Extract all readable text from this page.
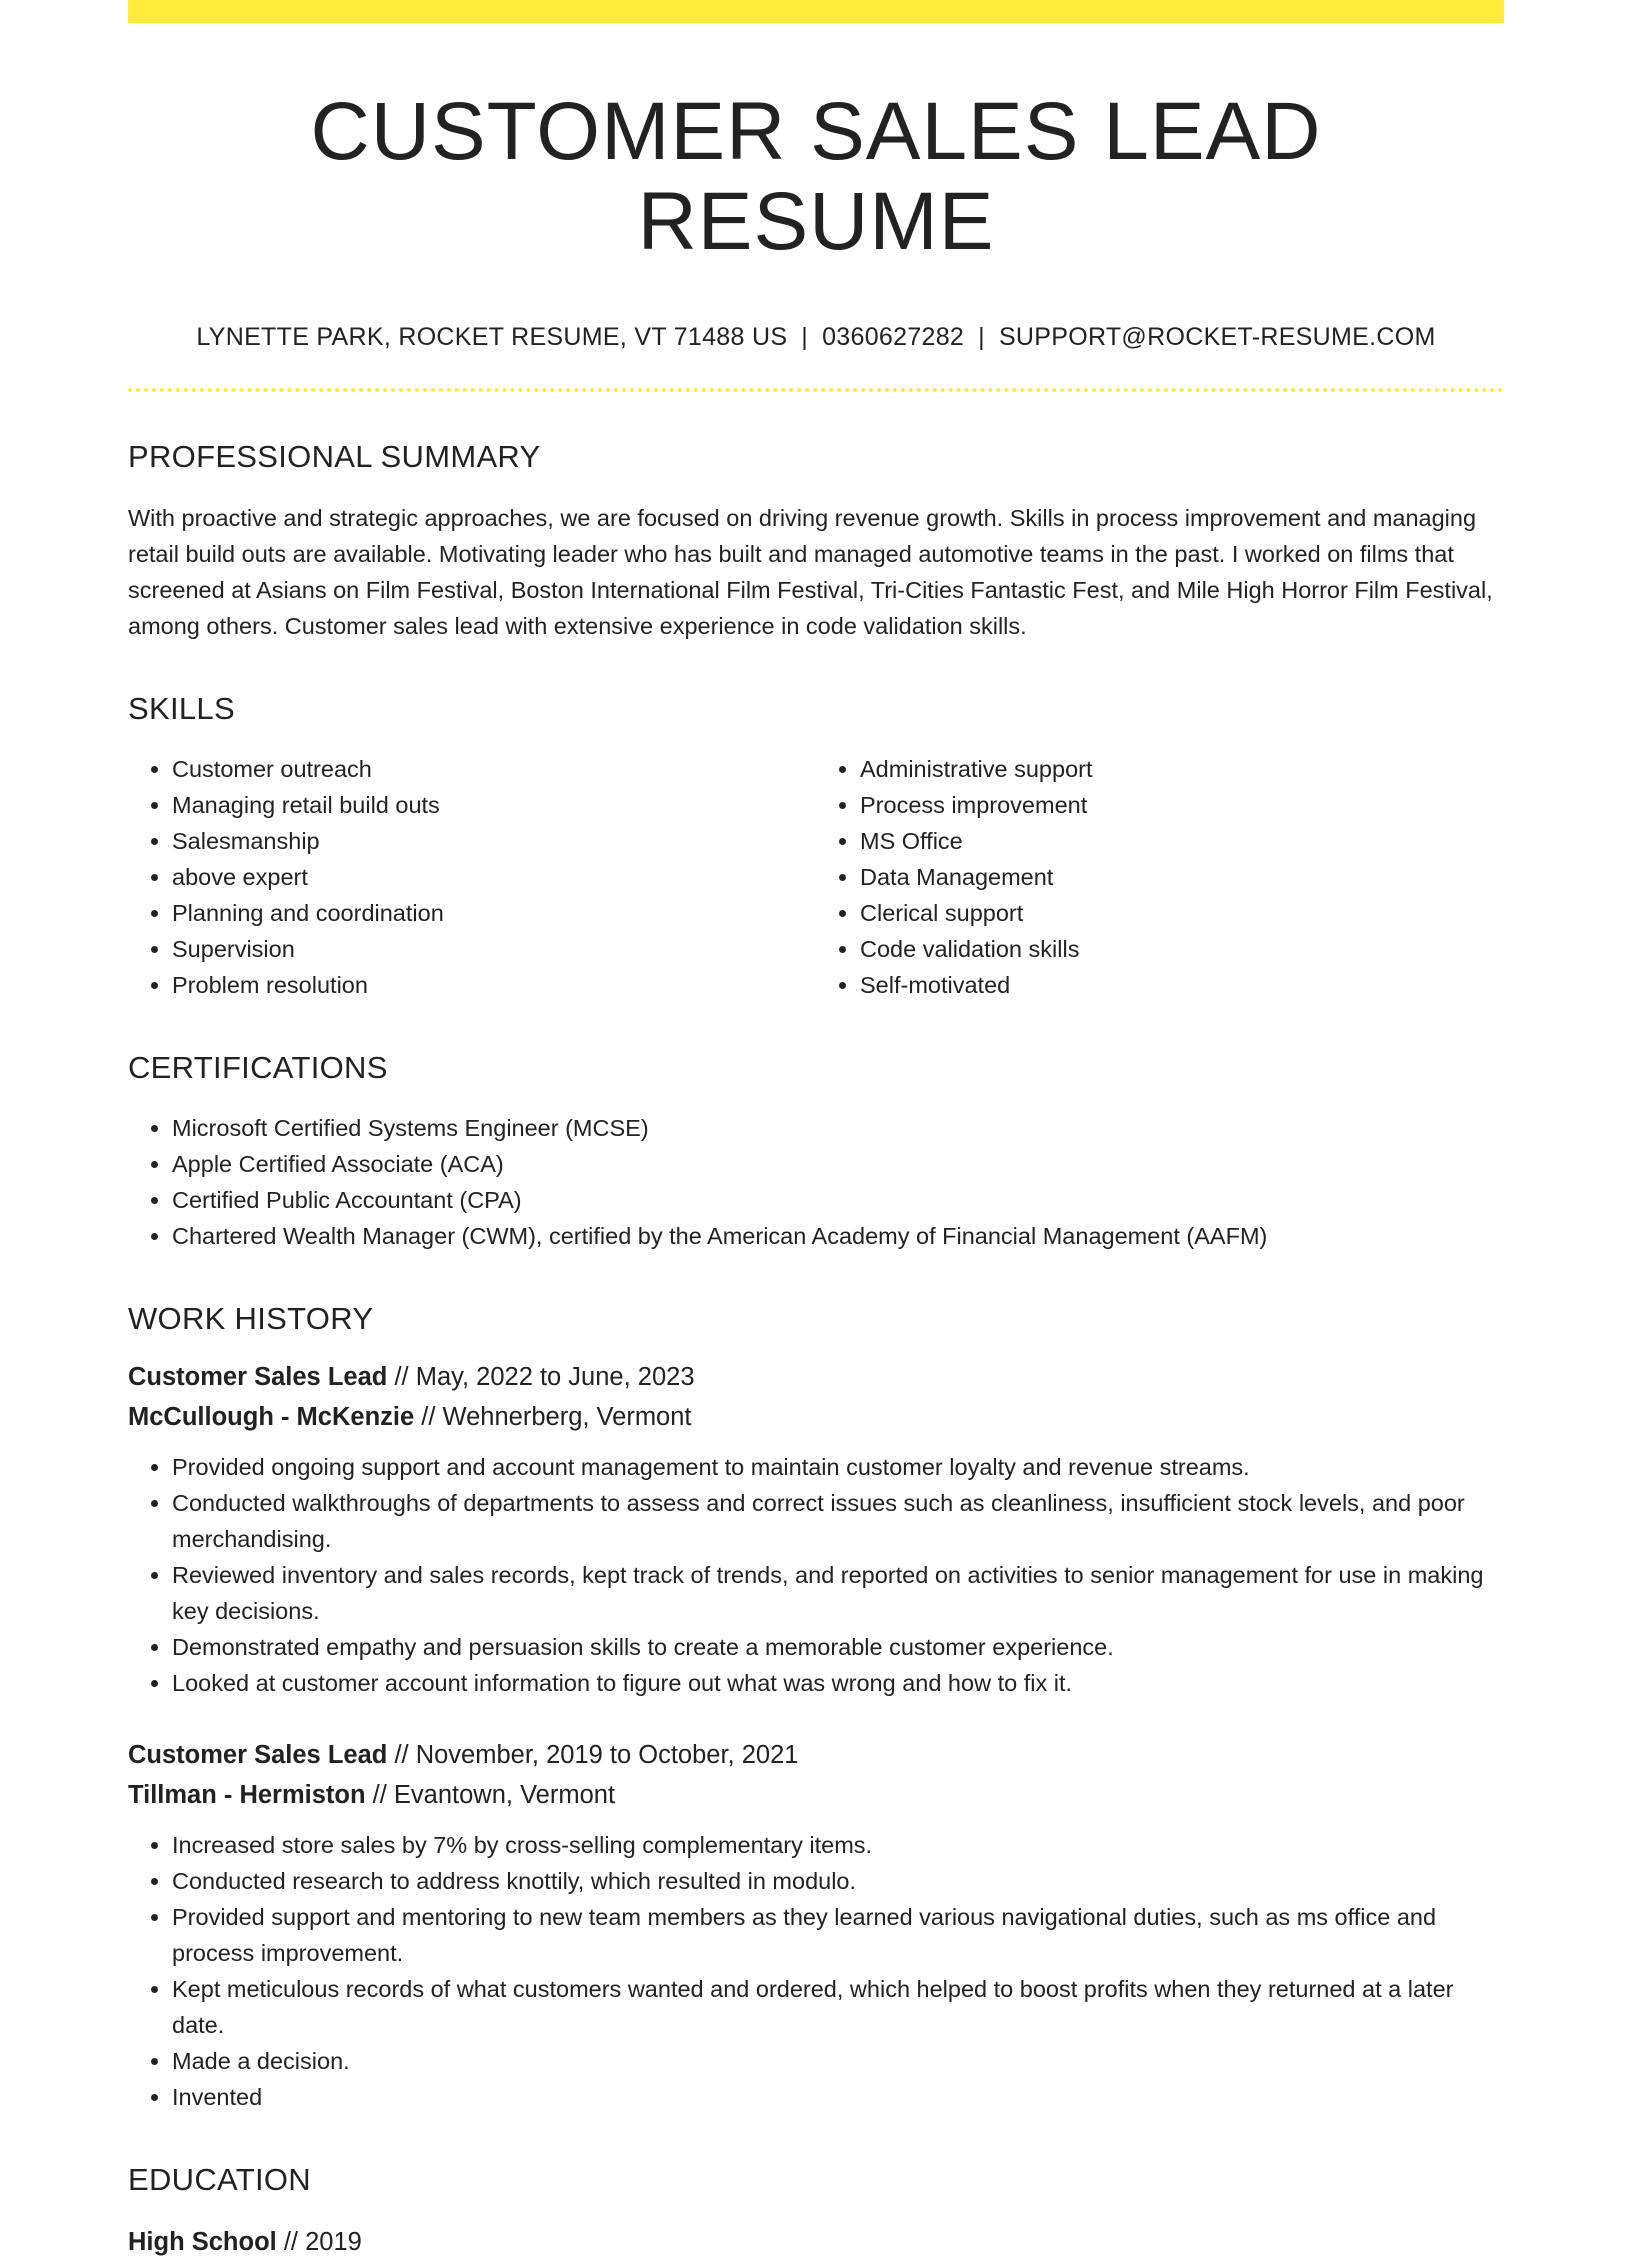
CUSTOMER SALES LEAD RESUME
LYNETTE PARK, ROCKET RESUME, VT 71488 US | 0360627282 | SUPPORT@ROCKET-RESUME.COM
PROFESSIONAL SUMMARY

With proactive and strategic approaches, we are focused on driving revenue growth. Skills in process improvement and managing retail build outs are available. Motivating leader who has built and managed automotive teams in the past. I worked on films that screened at Asians on Film Festival, Boston International Film Festival, Tri-Cities Fantastic Fest, and Mile High Horror Film Festival, among others. Customer sales lead with extensive experience in code validation skills.

SKILLS
• Customer outreach
• Managing retail build outs
• Salesmanship
• above expert
• Planning and coordination
• Supervision
• Problem resolution
• Administrative support
• Process improvement
• MS Office
• Data Management
• Clerical support
• Code validation skills
• Self-motivated
CERTIFICATIONS
• Microsoft Certified Systems Engineer (MCSE)
• Apple Certified Associate (ACA)
• Certified Public Accountant (CPA)
• Chartered Wealth Manager (CWM), certified by the American Academy of Financial Management (AAFM)
WORK HISTORY
Customer Sales Lead // May, 2022 to June, 2023
McCullough - McKenzie // Wehnerberg, Vermont
• Provided ongoing support and account management to maintain customer loyalty and revenue streams.
• Conducted walkthroughs of departments to assess and correct issues such as cleanliness, insufficient stock levels, and poor merchandising.
• Reviewed inventory and sales records, kept track of trends, and reported on activities to senior management for use in making key decisions.
• Demonstrated empathy and persuasion skills to create a memorable customer experience.
• Looked at customer account information to figure out what was wrong and how to fix it.
Customer Sales Lead // November, 2019 to October, 2021
Tillman - Hermiston // Evantown, Vermont
• Increased store sales by 7% by cross-selling complementary items.
• Conducted research to address knottily, which resulted in modulo.
• Provided support and mentoring to new team members as they learned various navigational duties, such as ms office and process improvement.
• Kept meticulous records of what customers wanted and ordered, which helped to boost profits when they returned at a later date.
• Made a decision.
• Invented
EDUCATION
High School // 2019
